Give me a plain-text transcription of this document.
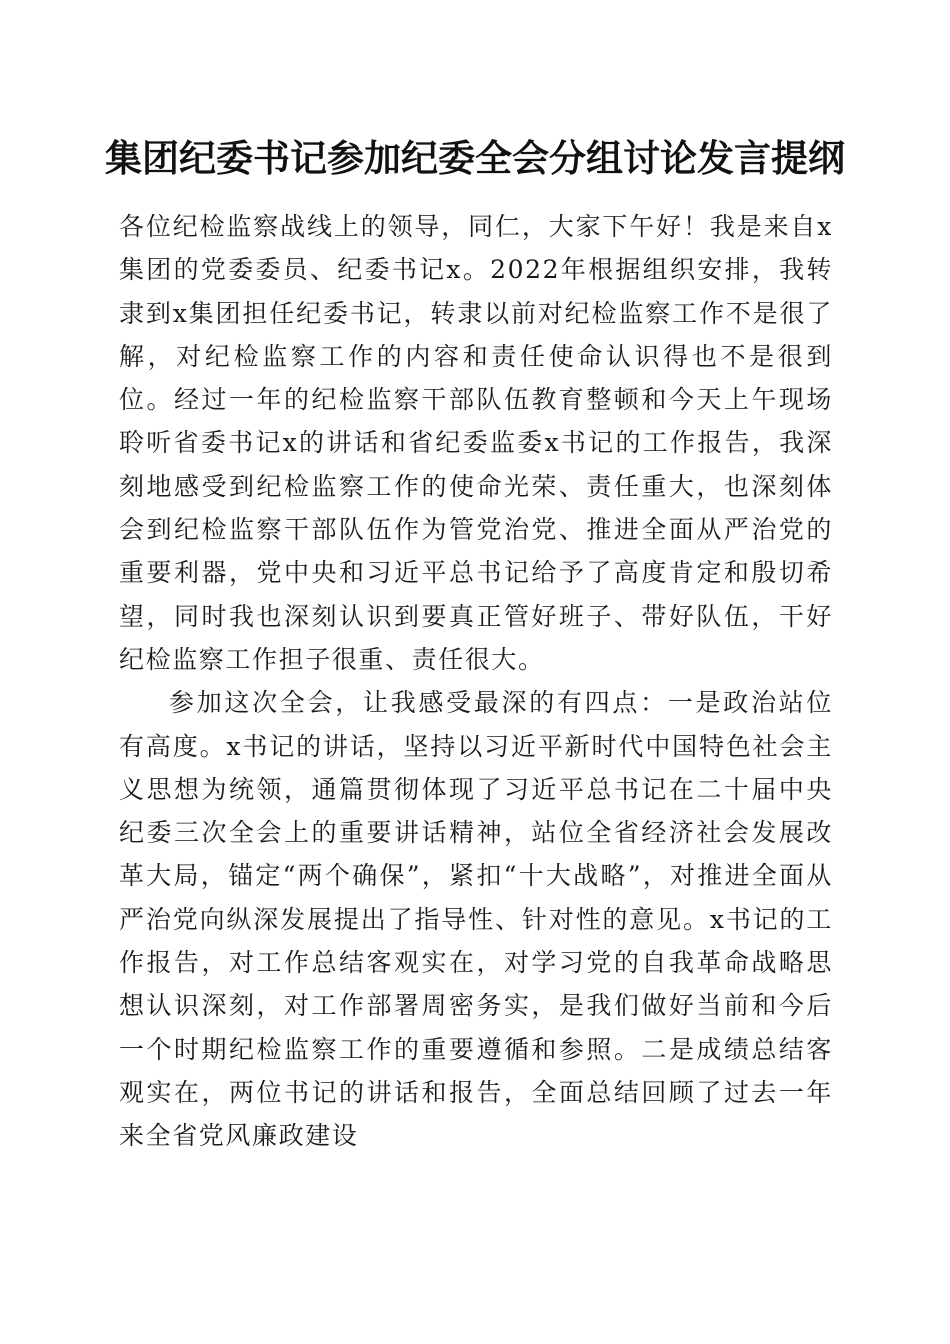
集团纪委书记参加纪委全会分组讨论发言提纲

各位纪检监察战线上的领导，同仁，大家下午好！我是来自x集团的党委委员、纪委书记x。2022年根据组织安排，我转隶到x集团担任纪委书记，转隶以前对纪检监察工作不是很了解，对纪检监察工作的内容和责任使命认识得也不是很到位。经过一年的纪检监察干部队伍教育整顿和今天上午现场聆听省委书记x的讲话和省纪委监委x书记的工作报告，我深刻地感受到纪检监察工作的使命光荣、责任重大，也深刻体会到纪检监察干部队伍作为管党治党、推进全面从严治党的重要利器，党中央和习近平总书记给予了高度肯定和殷切希望，同时我也深刻认识到要真正管好班子、带好队伍，干好纪检监察工作担子很重、责任很大。

参加这次全会，让我感受最深的有四点：一是政治站位有高度。x书记的讲话，坚持以习近平新时代中国特色社会主义思想为统领，通篇贯彻体现了习近平总书记在二十届中央纪委三次全会上的重要讲话精神，站位全省经济社会发展改革大局，锚定“两个确保”，紧扣“十大战略”，对推进全面从严治党向纵深发展提出了指导性、针对性的意见。x书记的工作报告，对工作总结客观实在，对学习党的自我革命战略思想认识深刻，对工作部署周密务实，是我们做好当前和今后一个时期纪检监察工作的重要遵循和参照。二是成绩总结客观实在，两位书记的讲话和报告，全面总结回顾了过去一年来全省党风廉政建设
